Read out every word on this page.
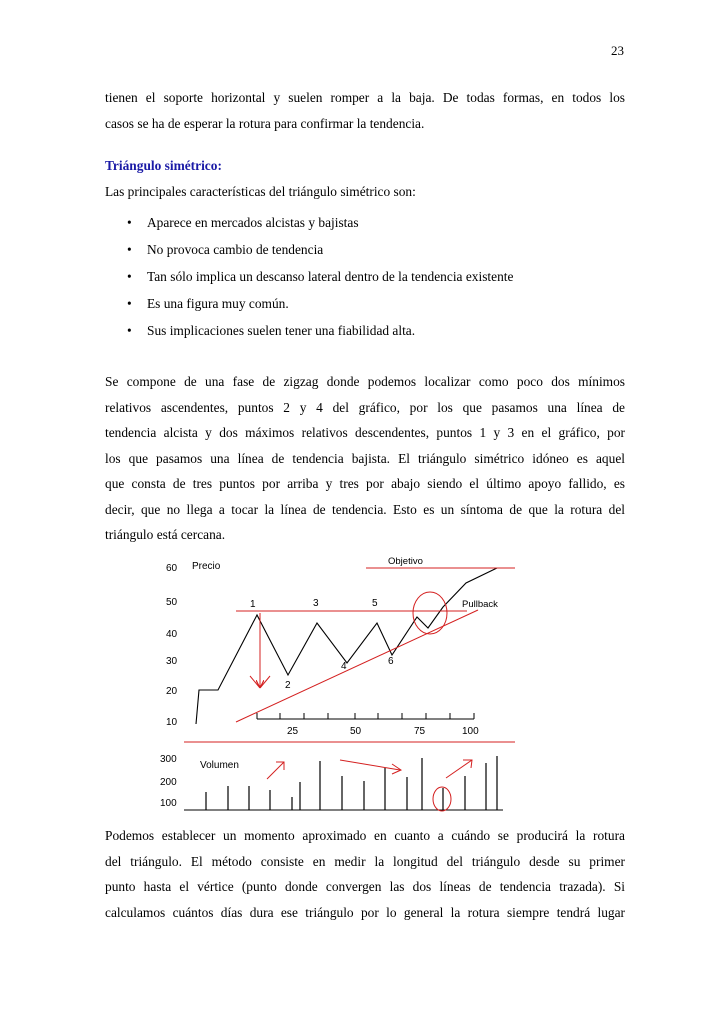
23
tienen el soporte horizontal y suelen romper a la baja. De todas formas, en todos los
casos se ha de esperar la rotura para confirmar la tendencia.
Triángulo simétrico:
Las principales características del triángulo simétrico son:
• Aparece en mercados alcistas y bajistas
• No provoca cambio de tendencia
• Tan sólo implica un descanso lateral dentro de la tendencia existente
• Es una figura muy común.
• Sus implicaciones suelen tener una fiabilidad alta.
Se compone de una fase de zigzag donde podemos localizar como poco dos mínimos
relativos ascendentes, puntos 2 y 4 del gráfico, por los que pasamos una línea de
tendencia alcista y dos máximos relativos descendentes, puntos 1 y 3 en el gráfico, por
los que pasamos una línea de tendencia bajista. El triángulo simétrico idóneo es aquel
que consta de tres puntos por arriba y tres por abajo siendo el último apoyo fallido, es
decir, que no llega a tocar la línea de tendencia. Esto es un síntoma de que la rotura del
triángulo está cercana.
60
50
40
30
20
10
Precio	Objetivo
Pullback
1
2
3
4
5
6
25	50	75	100
300
200
100
Volumen
Podemos establecer un momento aproximado en cuanto a cuándo se producirá la rotura
del triángulo. El método consiste en medir la longitud del triángulo desde su primer
punto hasta el vértice (punto donde convergen las dos líneas de tendencia trazada). Si
calculamos cuántos días dura ese triángulo por lo general la rotura siempre tendrá lugar
